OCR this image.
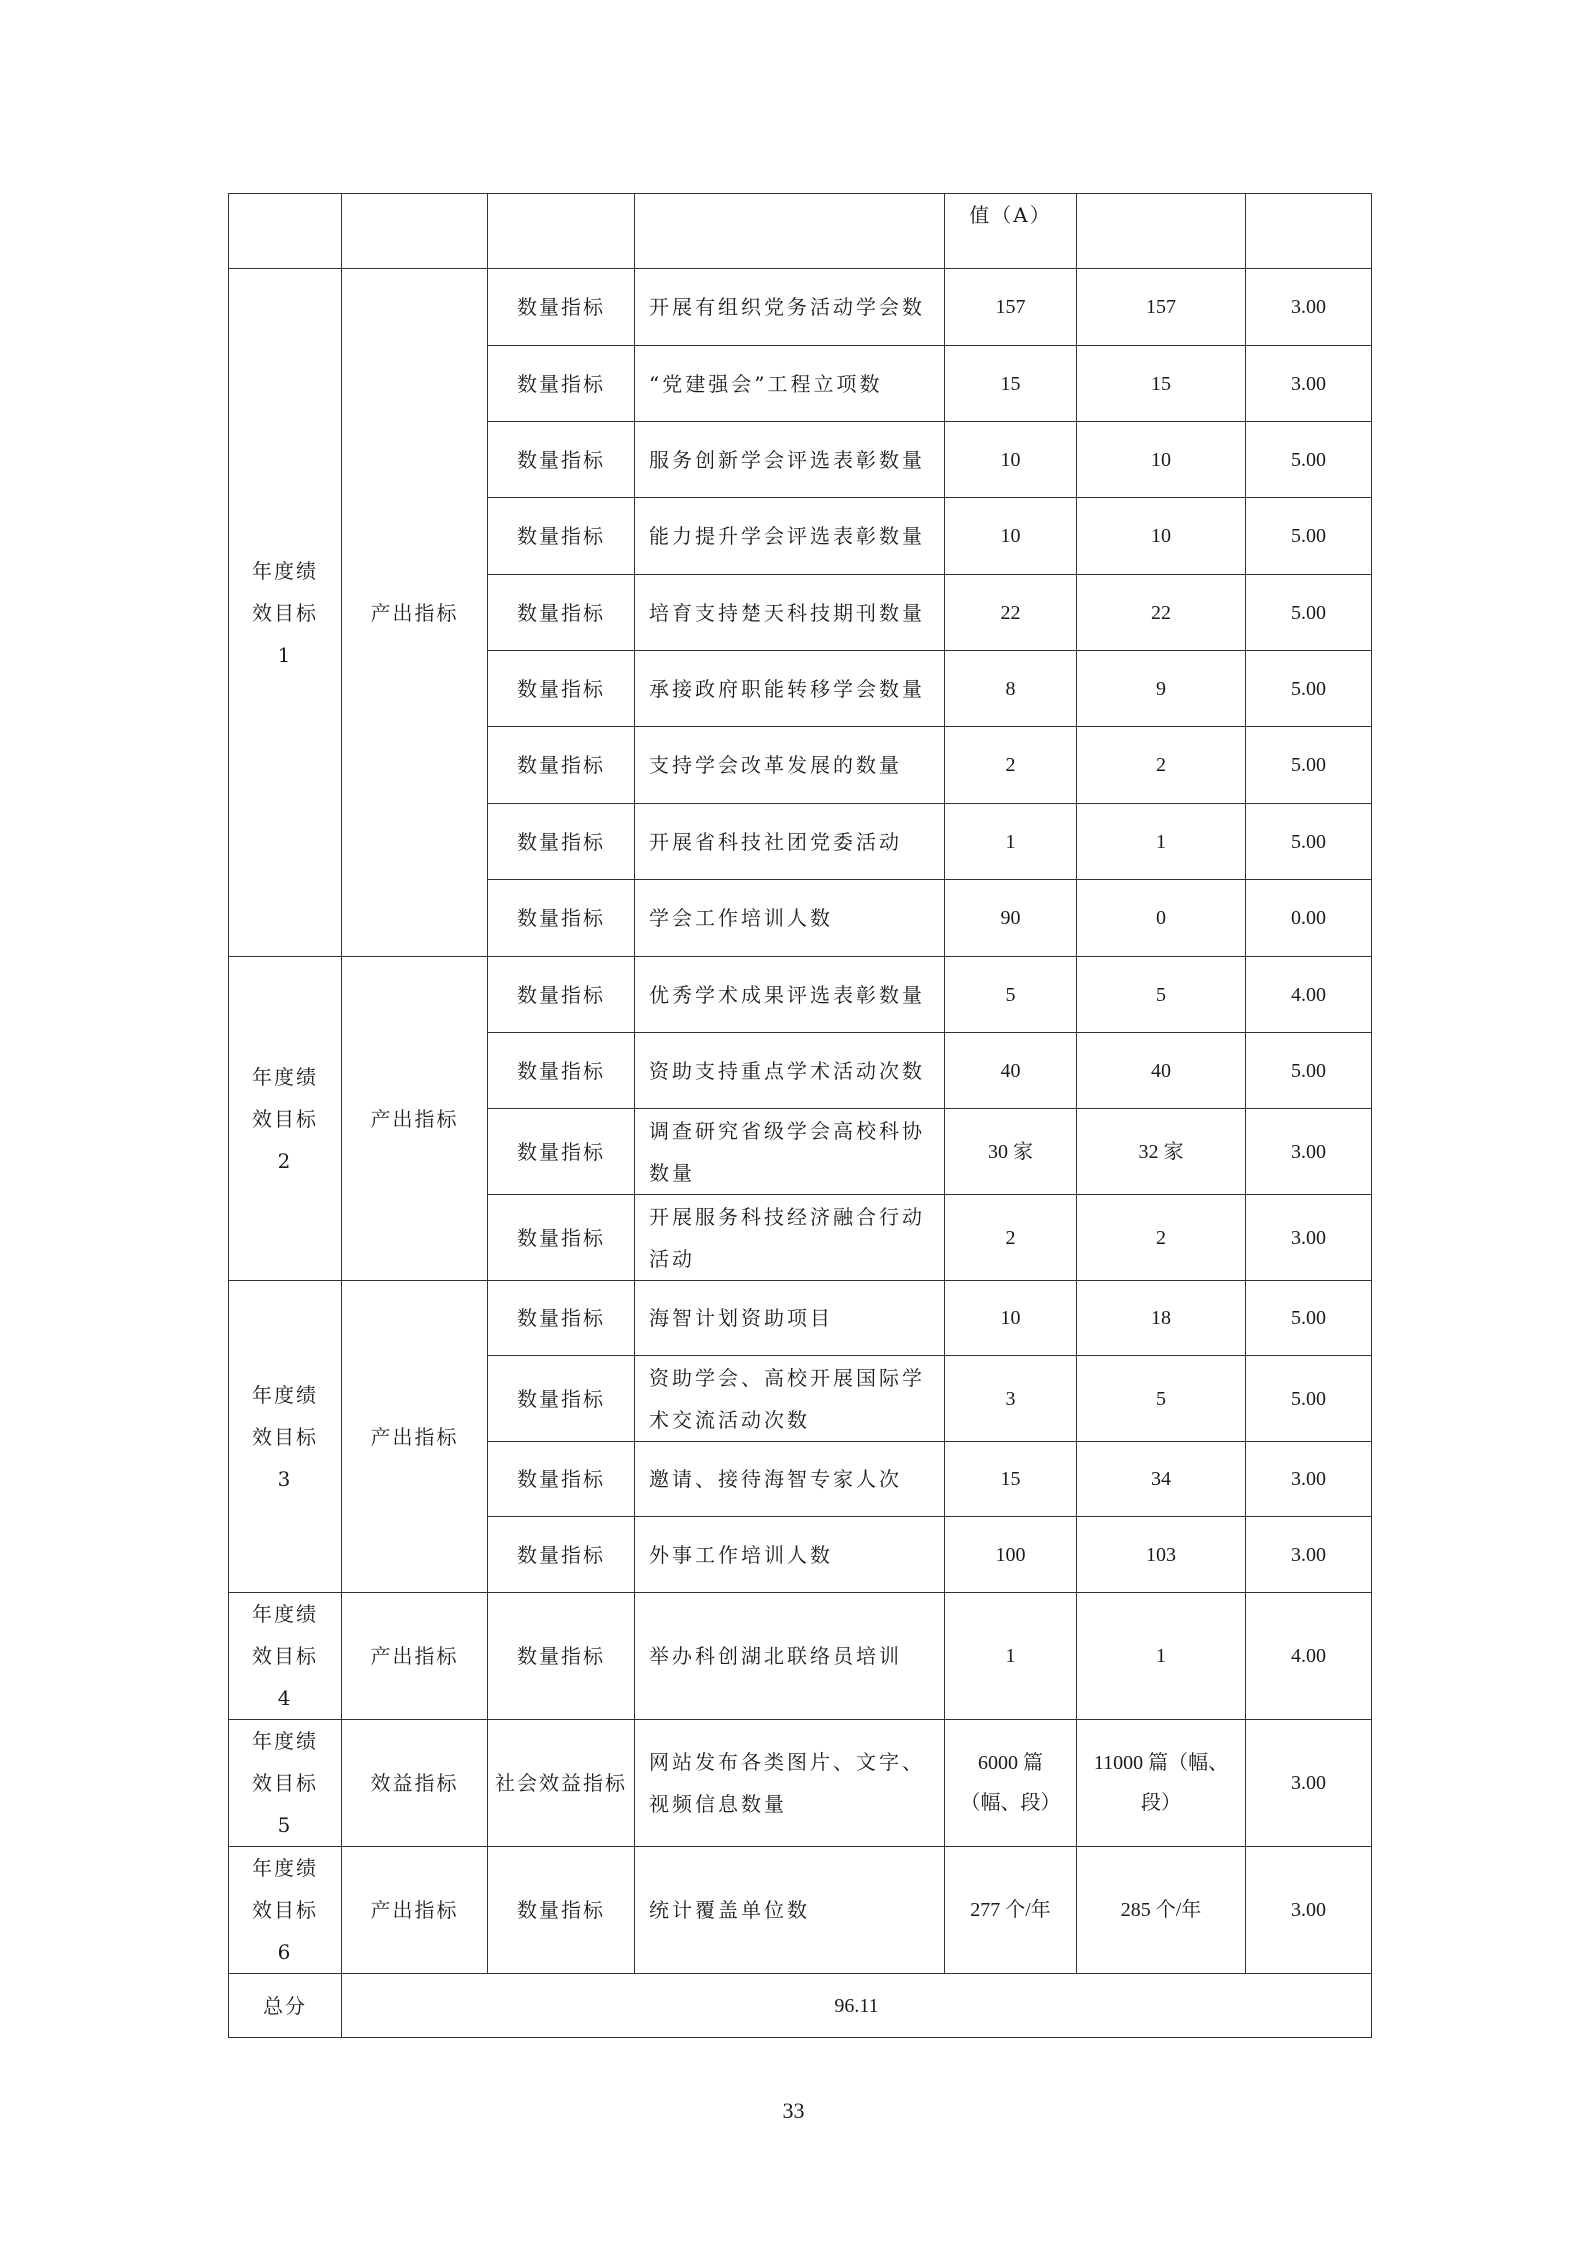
				值（A）		
年度绩效目标 1	产出指标	数量指标	开展有组织党务活动学会数	157	157	3.00
		数量指标	“党建强会”工程立项数	15	15	3.00
		数量指标	服务创新学会评选表彰数量	10	10	5.00
		数量指标	能力提升学会评选表彰数量	10	10	5.00
		数量指标	培育支持楚天科技期刊数量	22	22	5.00
		数量指标	承接政府职能转移学会数量	8	9	5.00
		数量指标	支持学会改革发展的数量	2	2	5.00
		数量指标	开展省科技社团党委活动	1	1	5.00
		数量指标	学会工作培训人数	90	0	0.00
年度绩效目标 2	产出指标	数量指标	优秀学术成果评选表彰数量	5	5	4.00
		数量指标	资助支持重点学术活动次数	40	40	5.00
		数量指标	调查研究省级学会高校科协数量	30 家	32 家	3.00
		数量指标	开展服务科技经济融合行动活动	2	2	3.00
年度绩效目标 3	产出指标	数量指标	海智计划资助项目	10	18	5.00
		数量指标	资助学会、高校开展国际学术交流活动次数	3	5	5.00
		数量指标	邀请、接待海智专家人次	15	34	3.00
		数量指标	外事工作培训人数	100	103	3.00
年度绩效目标 4	产出指标	数量指标	举办科创湖北联络员培训	1	1	4.00
年度绩效目标 5	效益指标	社会效益指标	网站发布各类图片、文字、视频信息数量	6000 篇（幅、段）	11000 篇（幅、段）	3.00
年度绩效目标 6	产出指标	数量指标	统计覆盖单位数	277 个/年	285 个/年	3.00
总分	96.11					
33
